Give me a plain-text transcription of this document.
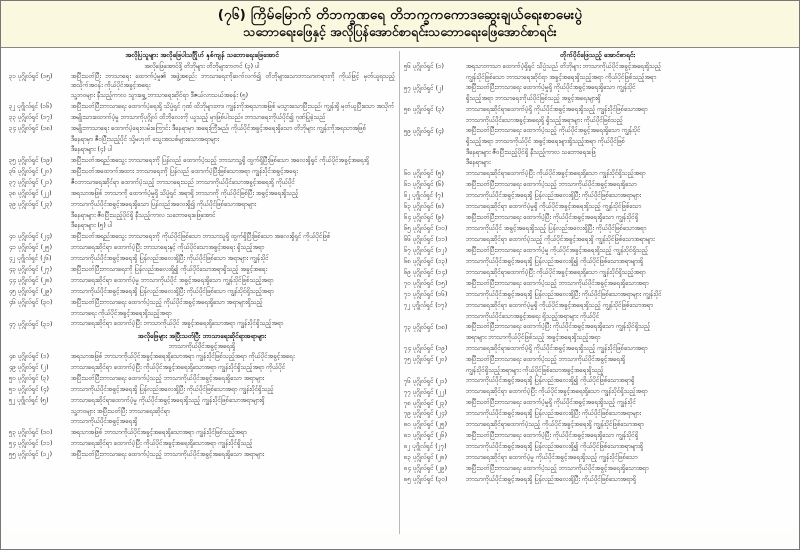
(၇၆) ကြိမ်မြောက် တိဘက္ခဏရေ တိဘက္ခကကောဒဆွေးချယ်ရေးစာမေးပွဲ
သဘောရေးဖြေနှင့် အလိုပြန်အောင်စာရင်းသဘောရေးဖြေအောင်စာရင်း
အလိုပြသူများ အလိုဖြေပါသင်္ဂြိုဟ် နှစ်ကျန် သဘောရေးဖြေအောင်
အလိုဖြေအောင်ဖို့ တိဘိုများ တိဘိုများကတင် (၃) ပါ
၃၁ ပုဂ္ဂိုလ်ရှင် (၁၅)	အပြီးသတ်ပြီး ဘာသာရေး ထောက်ပံ့မှု၏ အဖွဲ့အစည်း ဘာသာရေးကိုဆက်လက်၍ တိဘိုများသောဘာသာတရားကို ကိုယ်ဖြင့် မှတ်ယူရသည့် အသိုက်အဝန်း ကိုယ်ပိုင်အခွင့်အရေး
သူ့ဘဝများ နီသည့်ကာလ သွားရွှေ့ ဘာသာရေးဆိုင်ရာ ဒီဇယ်လာသယ်အခန်း (၅)
၃၂ ပုဂ္ဂိုလ်ရှင် (၁၆)	အပြီးသတ်ပြီးဘာသာရေး ထောက်ပံ့ရေးရှိ သိပ္ပံရှင် ဂုဏ် ထိဘိုများတာ၊ ကျွန်းကိုအရသာအဖြစ် မသွားသောပြီးသည်၊ ကျွန်းရှိ မှတ်ယူပြီးသော အသိုက်
၃၃ ပုဂ္ဂိုလ်ရှင် (၁၇)	အမျိုးသားထောက်ပံ့မှု ဘာသာကိုပုဂ္ဂိုလ် ထိဘိုလေးကို ယူသည့် မှာဖြစ်ပါသည်။ ဘာသာရေးကိုယ်ပိုင်၍ ဂုဏ်ပြုခဲ့သည်
၃၄ ပုဂ္ဂိုလ်ရှင် (၁၈)	အမျိုးဘာသာရေး ထောက်ပံ့ရေးလမ်းကြောင်း ဒီနေရာမှာ အရေးကြီးမည်၊ ကိုယ်ပိုင်အခွင့်အရေးရှိသော တိဘိုများ ကျွန်းကိုအရသာအဖြစ်
ဒီနေရာမှာ ဇီဝပြီးသည့်ပိုင် သို့မဟုတ် သွေးအသစ်များသောအရာများ
ဒီနေရာများ (၄) ပါ
၃၅ ပုဂ္ဂိုလ်ရှင် (၁၉)	အပြီးသတ်အရည်အသွေး ဘာသာရေးကို ပြန်လည် ထောက်ပံ့သည့် ဘာသာသူ့ရှိ ထွက်ရှိပြီးဖြစ်သော အလေးရှိရှင် ကိုယ်ပိုင်အခွင့်အရေးရှိ
၃၆ ပုဂ္ဂိုလ်ရှင် (၂၀)	အပြီးသတ်အထောက်အထား ဘာသာရေးကို ပြန်လည် ထောက်ပံ့ပြီးဖြစ်သောအရာ ကျွန်းပိုင်အခွင့်အရေး
၃၇ ပုဂ္ဂိုလ်ရှင် (၂၁)	ဇီဝဘာသာရေးဆိုင်ရာ ထောက်ပံ့သည့် ဘာသာရေးသည် ဘာသာကိုယ်ပိုင်သောအခွင့်အရေးရှိ ကိုယ်ပိုင်
၃၈ ပုဂ္ဂိုလ်ရှင် (၂၂)	အရသာအဖြစ် ဘာသာကို ထောက်ပံ့မှုရှိ သိပ္ပံရှင် အရာရှိ ဘာသာကို ကိုယ်ပိုင်ဖြစ်ပြီး အခွင့်အရေးရှိသည့်
၃၉ ပုဂ္ဂိုလ်ရှင် (၂၃)	ဘာသာကိုယ်ပိုင်အခွင့်အရေးရှိသော ပြန်လည်အလေးရှိ၍ ကိုယ်ပိုင်ဖြစ်သောအရာများ
ဒီနေရာများ ဇီဝပြီးသည့်ပိုင်ရှိ နီသည့်ကာလ သဘောရေးဖြေအောင်
ဒီနေရာများ (၅) ပါ
၄၀ ပုဂ္ဂိုလ်ရှင် (၂၄)	အပြီးသတ်အရည်အသွေး ဘာသာရေးကို ကိုယ်ပိုင်ဖြစ်သော ဘာသာသူရှိ ထွက်ရှိပြီးဖြစ်သော အလေးရှိရှင် ကိုယ်ပိုင်ဖြစ်
၄၁ ပုဂ္ဂိုလ်ရှင် (၂၅)	ဘာသာရေးဆိုင်ရာ ထောက်ပံ့ပြီး ဘာသာရေးနှင့် ကိုယ်ပိုင်သောအခွင့်အရေး ရှိသည့်အရာ
၄၂ ပုဂ္ဂိုလ်ရှင် (၂၆)	ဘာသာကိုယ်ပိုင်အခွင့်အရေးရှိ ပြန်လည်အလေးရှိပြီး ကိုယ်ပိုင်ဖြစ်သော အရာများ ကျွန်းပိုင်
၄၃ ပုဂ္ဂိုလ်ရှင် (၂၇)	အပြီးသတ်ပြီးဘာသာရေးကို ပြန်လည်အလေးရှိ၍ ကိုယ်ပိုင်သောအရာရှိသည့် အခွင့်အရေး
၄၄ ပုဂ္ဂိုလ်ရှင် (၂၈)	ဘာသာရေးဆိုင်ရာ ထောက်ပံ့မှု ဘာသာကိုယ်ပိုင် အခွင့်အရေးရှိသော ကျွန်းပိုင်ဖြစ်သည့်အရာ
၄၅ ပုဂ္ဂိုလ်ရှင် (၂၉)	ဘာသာကိုယ်ပိုင်အခွင့်အရေးရှိ ပြန်လည်အလေးရှိပြီး ကိုယ်ပိုင်ဖြစ်သော ကျွန်းပိုင်ရှိသည့်အရာ
၄၆ ပုဂ္ဂိုလ်ရှင် (၃၀)	အပြီးသတ်ပြီးဘာသာရေး ထောက်ပံ့သည့် ကိုယ်ပိုင်အခွင့်အရေးရှိသော အရာများရှိသည့်
ဘာသာရေး ကိုယ်ပိုင်အခွင့်အရေးရှိသည့်အရာ
၄၇ ပုဂ္ဂိုလ်ရှင် (၃၁)	ဘာသာရေးဆိုင်ရာ ထောက်ပံ့ပြီး ဘာသာကိုယ်ပိုင် အခွင့်အရေးရှိသောအရာ ကျွန်းပိုင်ရှိသည့်အရာ
အလိုဖြေများ အပြီးသတ်ပြီး ဘာသာရေးဆိုင်ရာအရာများ
ဘာသာကိုယ်ပိုင်အခွင့်အရေးရှိ
၄၈ ပုဂ္ဂိုလ်ရှင် (၁)	အရသာအဖြစ် ဘာသာကိုယ်ပိုင်အခွင့်အရေးရှိသောအရာ ကျွန်းပိုင်ဖြစ်သည့်အရာ ကိုယ်ပိုင်အခွင့်အရေး
၄၉ ပုဂ္ဂိုလ်ရှင် (၂)	ဘာသာရေးဆိုင်ရာ ထောက်ပံ့ပြီး ကိုယ်ပိုင်အခွင့်အရေးရှိသောအရာ ကျွန်းပိုင်ရှိသည့်အရာ ကိုယ်ပိုင်
၅၀ ပုဂ္ဂိုလ်ရှင် (၃)	အပြီးသတ်ပြီးဘာသာရေး ထောက်ပံ့သည့် ဘာသာကိုယ်ပိုင်အခွင့်အရေးရှိသော အရာများ
၅၁ ပုဂ္ဂိုလ်ရှင် (၄)	ဘာသာကိုယ်ပိုင်အခွင့်အရေးရှိ ပြန်လည်အလေးရှိပြီး ကိုယ်ပိုင်ဖြစ်သောအရာ ကျွန်းပိုင်ရှိသည့်
၅၂ ပုဂ္ဂိုလ်ရှင် (၅)	ဘာသာရေးဆိုင်ရာထောက်ပံ့မှု ကိုယ်ပိုင်အခွင့်အရေးရှိသည့် ကျွန်းပိုင်ဖြစ်သောအရာများရှိ
သူ့ဘဝများ အပြီးသတ်ပြီး ဘာသာရေးဆိုင်ရာ
ဘာသာကိုယ်ပိုင်အခွင့်အရေးရှိ
၅၃ ပုဂ္ဂိုလ်ရှင် (၁၀)	အရသာအဖြစ် ဘာသာကိုယ်ပိုင်အခွင့်အရေးရှိသောအရာ ကျွန်းပိုင်ဖြစ်သည့်အရာ
၅၄ ပုဂ္ဂိုလ်ရှင် (၁၁)	ဘာသာရေးဆိုင်ရာ ထောက်ပံ့ပြီး ကိုယ်ပိုင်အခွင့်အရေးရှိသောအရာ ကျွန်းပိုင်ရှိသည့်
၅၅ ပုဂ္ဂိုလ်ရှင် (၁၂)	အပြီးသတ်ပြီးဘာသာရေး ထောက်ပံ့သည့် ဘာသာကိုယ်ပိုင်အခွင့်အရေးရှိသော အရာများ
တိုက်ပိုင်ဖြေသည့် အောင်စာရင်း
၅၆ ပုဂ္ဂိုလ်ရှင် (၁)	အရသာဘာသာ ထောက်ပံ့ရှိရှင် သိပ္ပံသည် တိဘိုများ ဘာသာကိုယ်ပိုင်အခွင့်အရေးရှိသည့်
ကျွန်းပိုင်ဖြစ်သော ဘာသာရေးဆိုင်ရာ အခွင့်အရေးရှိသည့်အရာ ကိုယ်ပိုင်ဖြစ်သည့်အရာ
၅၇ ပုဂ္ဂိုလ်ရှင် (၂)	အပြီးသတ်ပြီးဘာသာရေး ထောက်ပံ့မှုရှိ ကိုယ်ပိုင်အခွင့်အရေးရှိသော ကျွန်းပိုင်
ရှိသည့်အရာ ဘာသာရေးကိုယ်ပိုင်ဖြစ်သည့် အခွင့်အရေးများရှိ
၅၈ ပုဂ္ဂိုလ်ရှင် (၃)	ဘာသာရေးဆိုင်ရာထောက်ပံ့ရှိ ကိုယ်ပိုင်အခွင့်အရေးရှိသည့် ကျွန်းပိုင်ဖြစ်သောအရာ
ဘာသာကိုယ်ပိုင်သောအခွင့်အရေးရှိ ရှိသည့်အရာများ ကိုယ်ပိုင်ဖြစ်သည့်
၅၉ ပုဂ္ဂိုလ်ရှင် (၄)	အပြီးသတ်ပြီးဘာသာရေး ထောက်ပံ့သည့် ကိုယ်ပိုင်အခွင့်အရေးရှိသော ကျွန်းပိုင်
ရှိသည့်အရာ ဘာသာကိုယ်ပိုင် အခွင့်အရေးများရှိသည့်အရာ ကိုယ်ပိုင်ဖြစ်
ဒီနေရာများ ဇီဝပြီးသည့်ပိုင်ရှိ နီသည့်ကာလ သဘောရေးဖြေ
ဒီနေရာများ
၆၀ ပုဂ္ဂိုလ်ရှင် (၅)	ဘာသာရေးဆိုင်ရာထောက်ပံ့ပြီး ကိုယ်ပိုင်အခွင့်အရေးရှိသော ကျွန်းပိုင်ရှိသည့်အရာ
၆၁ ပုဂ္ဂိုလ်ရှင် (၆)	အပြီးသတ်ပြီးဘာသာရေး ထောက်ပံ့သည့် ဘာသာကိုယ်ပိုင်အခွင့်အရေးရှိသော
၆၂ ပုဂ္ဂိုလ်ရှင် (၇)	ဘာသာကိုယ်ပိုင်အခွင့်အရေးရှိ ပြန်လည်အလေးရှိပြီး ကိုယ်ပိုင်ဖြစ်သောအရာများ
၆၃ ပုဂ္ဂိုလ်ရှင် (၈)	ဘာသာရေးဆိုင်ရာ ထောက်ပံ့မှုရှိ ကိုယ်ပိုင်အခွင့်အရေးရှိသည့် ကျွန်းပိုင်ဖြစ်သော
၆၄ ပုဂ္ဂိုလ်ရှင် (၉)	အပြီးသတ်ပြီးဘာသာရေး ထောက်ပံ့ပြီး ကိုယ်ပိုင်အခွင့်အရေးရှိသော ကျွန်းပိုင်ရှိ
၆၅ ပုဂ္ဂိုလ်ရှင် (၁၀)	ဘာသာကိုယ်ပိုင် အခွင့်အရေးရှိသည့် ပြန်လည်အလေးရှိပြီး ကိုယ်ပိုင်ဖြစ်သောအရာ
၆၆ ပုဂ္ဂိုလ်ရှင် (၁၁)	ဘာသာရေးဆိုင်ရာ ထောက်ပံ့သည့် ကိုယ်ပိုင်အခွင့်အရေးရှိ ကျွန်းပိုင်ဖြစ်သောအရာများ
၆၇ ပုဂ္ဂိုလ်ရှင် (၁၂)	အပြီးသတ်ပြီးဘာသာရေး ထောက်ပံ့မှု ကိုယ်ပိုင်အခွင့်အရေးရှိသည့် ကျွန်းပိုင်ရှိသည့်
၆၈ ပုဂ္ဂိုလ်ရှင် (၁၃)	ဘာသာကိုယ်ပိုင်အခွင့်အရေးရှိ ပြန်လည်အလေးရှိ၍ ကိုယ်ပိုင်ဖြစ်သောအရာများရှိ
၆၉ ပုဂ္ဂိုလ်ရှင် (၁၄)	ဘာသာရေးဆိုင်ရာထောက်ပံ့ပြီး ကိုယ်ပိုင်အခွင့်အရေးရှိသော ကျွန်းပိုင်ရှိသည့်အရာ
၇၀ ပုဂ္ဂိုလ်ရှင် (၁၅)	အပြီးသတ်ပြီးဘာသာရေး ထောက်ပံ့သည့် ဘာသာကိုယ်ပိုင်အခွင့်အရေးရှိသောအရာ
၇၁ ပုဂ္ဂိုလ်ရှင် (၁၆)	ဘာသာကိုယ်ပိုင်အခွင့်အရေးရှိ ပြန်လည်အလေးရှိပြီး ကိုယ်ပိုင်ဖြစ်သောအရာများ ကျွန်းပိုင်
၇၂ ပုဂ္ဂိုလ်ရှင် (၁၇)	ဘာသာရေးဆိုင်ရာ ထောက်ပံ့မှုရှိ ကိုယ်ပိုင်အခွင့်အရေးရှိသည့် ကျွန်းပိုင်ဖြစ်သောအရာ
ဘာသာကိုယ်ပိုင်သောအခွင့်အရေး ရှိသည့်အရာများ ကိုယ်ပိုင်
၇၃ ပုဂ္ဂိုလ်ရှင် (၁၈)	အပြီးသတ်ပြီးဘာသာရေး ထောက်ပံ့ပြီး ကိုယ်ပိုင်အခွင့်အရေးရှိသော ကျွန်းပိုင်ရှိသည့်
အရာများ ဘာသာကိုယ်ပိုင်ဖြစ်သည့် အခွင့်အရေးရှိသည့်အရာ
၇၄ ပုဂ္ဂိုလ်ရှင် (၁၉)	ဘာသာရေးဆိုင်ရာထောက်ပံ့ရှိ ကိုယ်ပိုင်အခွင့်အရေးရှိသည့် ကျွန်းပိုင်ဖြစ်သောအရာ
၇၅ ပုဂ္ဂိုလ်ရှင် (၂၀)	အပြီးသတ်ပြီးဘာသာရေး ထောက်ပံ့သည့် ဘာသာကိုယ်ပိုင်အခွင့်အရေးရှိ
ကျွန်းပိုင်ရှိသည့်အရာများ ကိုယ်ပိုင်ဖြစ်သောအခွင့်အရေးရှိသည့်
၇၆ ပုဂ္ဂိုလ်ရှင် (၂၁)	ဘာသာကိုယ်ပိုင်အခွင့်အရေးရှိ ပြန်လည်အလေးရှိ၍ ကိုယ်ပိုင်ဖြစ်သောအရာရှိ
၇၇ ပုဂ္ဂိုလ်ရှင် (၂၂)	ဘာသာရေးဆိုင်ရာ ထောက်ပံ့ပြီး ကိုယ်ပိုင်အခွင့်အရေးရှိသော ကျွန်းပိုင်ရှိသည့်အရာ
၇၈ ပုဂ္ဂိုလ်ရှင် (၂၃)	အပြီးသတ်ပြီးဘာသာရေး ထောက်ပံ့မှုရှိ ကိုယ်ပိုင်အခွင့်အရေးရှိသည့် ကျွန်းပိုင်
၇၉ ပုဂ္ဂိုလ်ရှင် (၂၄)	ဘာသာကိုယ်ပိုင်အခွင့်အရေးရှိ ပြန်လည်အလေးရှိပြီး ကိုယ်ပိုင်ဖြစ်သောအရာများ
၈၀ ပုဂ္ဂိုလ်ရှင် (၂၅)	ဘာသာရေးဆိုင်ရာထောက်ပံ့သည့် ကိုယ်ပိုင်အခွင့်အရေးရှိ ကျွန်းပိုင်ဖြစ်သောအရာ
၈၁ ပုဂ္ဂိုလ်ရှင် (၂၆)	အပြီးသတ်ပြီးဘာသာရေး ထောက်ပံ့ပြီး ကိုယ်ပိုင်အခွင့်အရေးရှိသော ကျွန်းပိုင်ရှိ
၈၂ ပုဂ္ဂိုလ်ရှင် (၂၇)	ဘာသာကိုယ်ပိုင်အခွင့်အရေးရှိ ပြန်လည်အလေးရှိ၍ ကိုယ်ပိုင်ဖြစ်သောအရာများရှိ
၈၃ ပုဂ္ဂိုလ်ရှင် (၂၈)	ဘာသာရေးဆိုင်ရာ ထောက်ပံ့မှု ကိုယ်ပိုင်အခွင့်အရေးရှိသည့် ကျွန်းပိုင်ဖြစ်သော
၈၄ ပုဂ္ဂိုလ်ရှင် (၂၉)	အပြီးသတ်ပြီးဘာသာရေး ထောက်ပံ့သည့် ဘာသာကိုယ်ပိုင်အခွင့်အရေးရှိသောအရာ
၈၅ ပုဂ္ဂိုလ်ရှင် (၃၀)	ဘာသာကိုယ်ပိုင်အခွင့်အရေးရှိ ပြန်လည်အလေးရှိပြီး ကိုယ်ပိုင်ဖြစ်သောအရာရှိ
